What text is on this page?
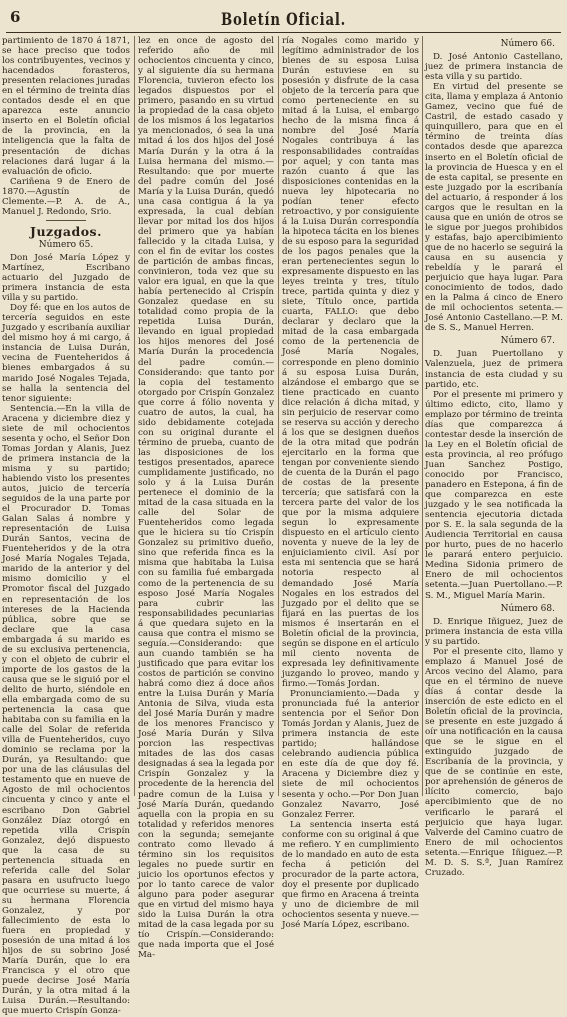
6	Boletín Oficial.

partimiento de 1870 á 1871, se hace preciso que todos los contribuyentes, vecinos y hacendados forasteros, presenten relaciones juradas en el término de treinta días contados desde el en que aparezca este anuncio inserto en el Boletín oficial de la provincia, en la inteligencia que la falta de presentación de dichas relaciones dará lugar á la evaluación de oficio.

Cariñena 9 de Enero de 1870.—Agustín de Clemente.—P. A. de A., Manuel J. Redondo, Srio.

Juzgados.
Número 65.

Don José María López y Martínez, Escribano actuario del Juzgado de primera instancia de esta villa y su partido.

Doy fé: que en los autos de tercería seguidos en este Juzgado y escribanía auxiliar del mismo hoy á mi cargo, á instancia de Luisa Durán, vecina de Fuenteheridos á bienes embargados á su marido José Nogales Tejada, se halla la sentencia del tenor siguiente:

Sentencia.—En la villa de Aracena y diciembre diez y siete de mil ochocientos sesenta y ocho, el Señor Don Tomas Jordan y Alanis, Juez de primera instancia de la misma y su partido; habiendo visto los presentes autos, juicio de tercería seguidos de la una parte por el Procurador D. Tomas Galan Salas á nombre y representación de Luisa Durán Santos, vecina de Fuenteheridos y de la otra José María Nogales Tejada, marido de la anterior y del mismo domicilio y el Promotor fiscal del Juzgado en representación de los intereses de la Hacienda pública, sobre que se declare que la casa embargada á su marido es de su exclusiva pertenencia, y con el objeto de cubrir el importe de los gastos de la causa que se le siguió por el delito de hurto, siéndole en ella embargada como de su pertenencia la casa que habitaba con su familia en la calle del Solar de referida villa de Fuenteheridos, cuyo dominio se reclama por la Durán, ya Resultando: que por una de las cláusulas del testamento que en nueve de Agosto de mil ochocientos cincuenta y cinco y ante el escribano Don Gabriel González Díaz otorgó en repetida villa Crispín Gonzalez, dejó dispuesto que la casa de su pertenencia situada en referida calle del Solar pasara en usufructo luego que ocurriese su muerte, á su hermana Florencia Gonzalez, y por fallecimiento de esta lo fuera en propiedad y posesión de una mitad á los hijos de su sobrino José María Durán, que lo era Francisca y el otro que puede decirse José María Durán, y la otra mitad á la Luisa Durán.—Resultando: que muerto Crispín Gonza-

lez en once de agosto del referido año de mil ochocientos cincuenta y cinco, y al siguiente día su hermana Florencia, tuvieron efecto los legados dispuestos por el primero, pasando en su virtud la propiedad de la casa objeto de los mismos á los legatarios ya mencionados, ó sea la una mitad á los dos hijos del José María Durán y la otra á la Luisa hermana del mismo.—Resultando: que por muerte del padre común del José María y la Luisa Durán, quedó una casa contigua á la ya expresada, la cual debían llevar por mitad los dos hijos del primero que ya habían fallecido y la citada Luisa, y con el fin de evitar los costes de partición de ambas fincas, convinieron, toda vez que su valor era igual, en que la que había pertenecido al Crispín Gonzalez quedase en su totalidad como propia de la repetida Luisa Durán, llevando en igual propiedad los hijos menores del José María Durán la procedencia del padre común.—Considerando: que tanto por la copia del testamento otorgado por Crispín Gonzalez que corre á fólio noventa y cuatro de autos, la cual, ha sido debidamente cotejada con su original durante el término de prueba, cuanto de las disposiciones de los testigos presentados, aparece cumplidamente justificado, no solo y á la Luisa Durán pertenece el dominio de la mitad de la casa situada en la calle del Solar de Fuenteheridos como legada que le hiciera su tío Crispín Gonzalez su primitivo dueño, sino que referida finca es la misma que habitaba la Luisa con su familia fué embargada como de la pertenencia de su esposo José María Nogales para cubrir las responsabilidades pecuniarias á que quedara sujeto en la causa que contra el mismo se seguía.—Considerando: que aun cuando también se ha justificado que para evitar los costos de partición se convino habrá como diez á doce años entre la Luisa Durán y María Antonia de Silva, viuda esta del José María Durán y madre de los menores Francisco y José María Durán y Silva porcion las respectivas mitades de las dos casas designadas á sea la legada por Crispín Gonzalez y la procedente de la herencia del padre comun de la Luisa y José María Durán, quedando aquella con la propia en su totalidad y referidos menores con la segunda; semejante contrato como llevado á término sin los requisitos legales no puede surtir en juicio los oportunos efectos y por lo tanto carece de valor alguno para poder asegurar que en virtud del mismo haya sido la Luisa Durán la otra mitad de la casa legada por su tío Crispín.—Considerando: que nada importa que el José Ma-

ría Nogales como marido y legítimo administrador de los bienes de su esposa Luisa Durán estuviese en su posesión y disfrute de la casa objeto de la tercería para que como perteneciente en su mitad á la Luisa, el embargo hecho de la misma finca á nombre del José María Nogales contribuya á las responsabilidades contraídas por aquel; y con tanta mas razón cuanto á que las disposiciones contenidas en la nueva ley hipotecaria no podían tener efecto retroactivo, y por consiguiente á la Luisa Durán correspondía la hipoteca tácita en los bienes de su esposo para la seguridad de los pagos penales que la eran pertenecientes segun lo expresamente dispuesto en las leyes treinta y tres, título trece, partida quinta y diez y siete, Título once, partida cuarta, FALLO: que debo declarar y declaro que la mitad de la casa embargada como de la pertenencia de José María Nogales, corresponde en pleno dominio á su esposa Luisa Durán, alzándose el embargo que se tiene practicado en cuanto dice relación á dicha mitad, y sin perjuicio de reservar como se reserva su acción y derecho á los que se designen dueños de la otra mitad que podrán ejercitarlo en la forma que tengan por conveniente siendo de cuenta de la Durán el pago de costas de la presente tercería; que satisfará con la tercera parte del valor de los que por la misma adquiere segun lo expresamente dispuesto en el artículo ciento noventa y nueve de la ley de enjuiciamiento civil. Así por esta mi sentencia que se hará notoria respecto al demandado José María Nogales en los estrados del Juzgado por el delito que se fijará en las puertas de los mismos é insertarán en el Boletín oficial de la provincia, según se dispone en el artículo mil ciento noventa de expresada ley definitivamente juzgando lo proveo, mando y firmo.—Tomás Jordan.

Pronunciamiento.—Dada y pronunciada fué la anterior sentencia por el Señor Don Tomás Jordan y Alanis, Juez de primera instancia de este partido; hallándose celebrando audiencia pública en este día de que doy fé. Aracena y Diciembre diez y siete de mil ochocientos sesenta y ocho.—Por Don Juan Gonzalez Navarro, José Gonzalez Ferrer.

La sentencia inserta está conforme con su original á que me refiero. Y en cumplimiento de lo mandado en auto de esta fecha á petición del procurador de la parte actora, doy el presente por duplicado que firmo en Aracena á treinta y uno de diciembre de mil ochocientos sesenta y nueve.—José María López, escribano.

Número 66.

D. José Antonio Castellano, juez de primera instancia de esta villa y su partido.

En virtud del presente se cita, llama y emplaza á Antonio Gamez, vecino que fué de Castril, de estado casado y quinquillero, para que en el término de treinta días contados desde que aparezca inserto en el Boletín oficial de la provincia de Huesca y en el de esta capital, se presente en este juzgado por la escribanía del actuario, á responder á los cargos que le resultan en la causa que en unión de otros se le sigue por juegos prohibidos y estafas, bajo apercibimiento que de no hacerlo se seguirá la causa en su ausencia y rebeldía y le parará el perjuicio que haya lugar. Para conocimiento de todos, dado en la Palma á cinco de Enero de mil ochocientos setenta.—José Antonio Castellano.—P. M. de S. S., Manuel Herren.

Número 67.

D. Juan Puertollano y Valenzuela, juez de primera instancia de esta ciudad y su partido, etc.

Por el presente mi primero y último edicto, cito, llamo y emplazo por término de treinta días que comparezca á contestar desde la inserción de la Ley en el Boletín oficial de esta provincia, al reo prófugo Juan Sanchez Postigo, conocido por Francisco, panadero en Estepona, á fin de que comparezca en este juzgado y le sea notificada la sentencia ejecutoria dictada por S. E. la sala segunda de la Audiencia Territorial en causa por hurto, pues de no hacerlo le parará entero perjuicio. Medina Sidonia primero de Enero de mil ochocientos setenta.—Juan Puertollano.—P. S. M., Miguel María Marin.

Número 68.

D. Enrique Iñiguez, Juez de primera instancia de esta villa y su partido.

Por el presente cito, llamo y emplazo á Manuel José de Arcos vecino del Alamo, para que en el término de nueve días á contar desde la inserción de este edicto en el Boletín oficial de la provincia, se presente en este juzgado á oír una notificación en la causa que se le sigue en el extinguido juzgado de Escribanía de la provincia, y que de se continúe en este, por aprehensión de géneros de ilícito comercio, bajo apercibimiento que de no verificarlo le parará el perjuicio que haya lugar. Valverde del Camino cuatro de Enero de mil ochocientos setenta.—Enrique Iñiguez.—P. M. D. S. S.ª, Juan Ramírez Cruzado.
